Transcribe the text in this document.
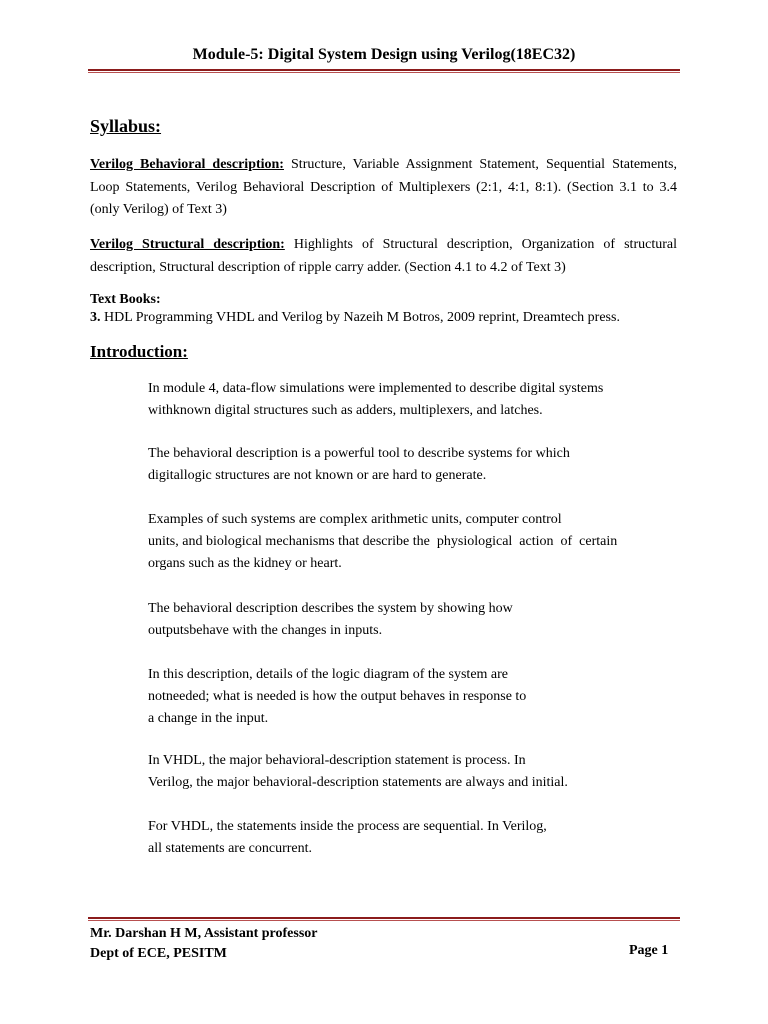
Module-5: Digital System Design using Verilog(18EC32)
Syllabus:
Verilog Behavioral description: Structure, Variable Assignment Statement, Sequential Statements, Loop Statements, Verilog Behavioral Description of Multiplexers (2:1, 4:1, 8:1). (Section 3.1 to 3.4 (only Verilog) of Text 3)
Verilog Structural description: Highlights of Structural description, Organization of structural description, Structural description of ripple carry adder. (Section 4.1 to 4.2 of Text 3)
Text Books:
3. HDL Programming VHDL and Verilog by Nazeih M Botros, 2009 reprint, Dreamtech press.
Introduction:
In module 4, data-flow simulations were implemented to describe digital systems
withknown digital structures such as adders, multiplexers, and latches.
The behavioral description is a powerful tool to describe systems for which
digitallogic structures are not known or are hard to generate.
Examples of such systems are complex arithmetic units, computer control
units, and biological mechanisms that describe the  physiological  action  of  certain
organs such as the kidney or heart.
The behavioral description describes the system by showing how
outputsbehave with the changes in inputs.
In this description, details of the logic diagram of the system are
notneeded; what is needed is how the output behaves in response to
a change in the input.
In VHDL, the major behavioral-description statement is process. In
Verilog, the major behavioral-description statements are always and initial.
For VHDL, the statements inside the process are sequential. In Verilog,
all statements are concurrent.
Mr. Darshan H M, Assistant professor
Dept of ECE, PESITM	Page 1
